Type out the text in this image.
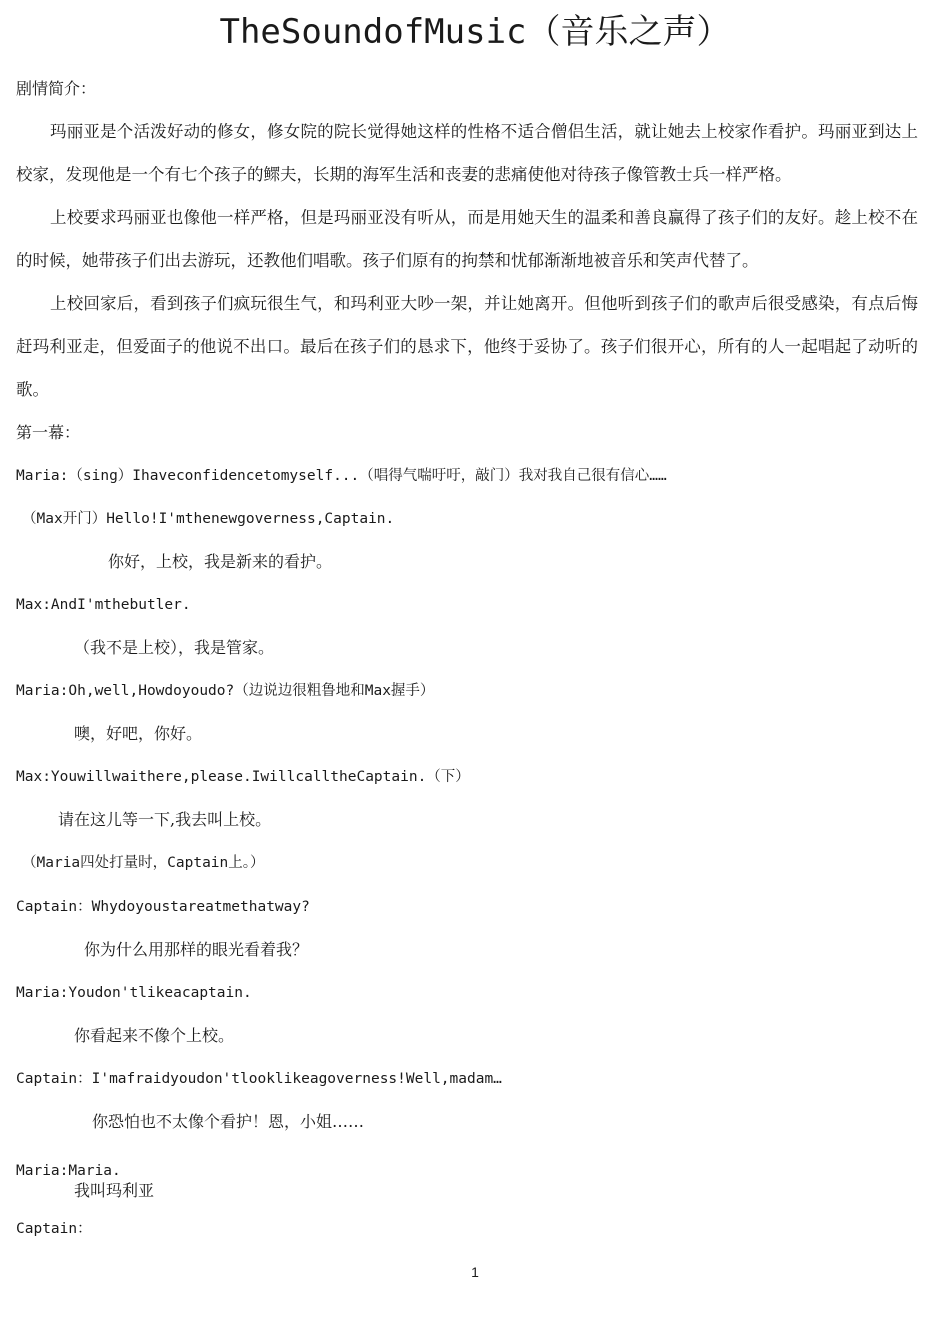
TheSoundofMusic（音乐之声）
剧情简介：
玛丽亚是个活泼好动的修女，修女院的院长觉得她这样的性格不适合僧侣生活，就让她去上校家作看护。玛丽亚到达上校家，发现他是一个有七个孩子的鳏夫，长期的海军生活和丧妻的悲痛使他对待孩子像管教士兵一样严格。
上校要求玛丽亚也像他一样严格，但是玛丽亚没有听从，而是用她天生的温柔和善良赢得了孩子们的友好。趁上校不在的时候，她带孩子们出去游玩，还教他们唱歌。孩子们原有的拘禁和忧郁渐渐地被音乐和笑声代替了。
上校回家后，看到孩子们疯玩很生气，和玛利亚大吵一架，并让她离开。但他听到孩子们的歌声后很受感染，有点后悔赶玛利亚走，但爱面子的他说不出口。最后在孩子们的恳求下，他终于妥协了。孩子们很开心，所有的人一起唱起了动听的歌。
第一幕：
Maria:（sing）Ihaveconfidencetomyself...（唱得气喘吁吁，敲门）我对我自己很有信心……
（Max开门）Hello!I'mthenewgoverness,Captain.
你好，上校，我是新来的看护。
Max:AndI'mthebutler.
（我不是上校），我是管家。
Maria:Oh,well,Howdoyoudo?（边说边很粗鲁地和Max握手）
噢，好吧，你好。
Max:Youwillwaithere,please.IwillcalltheCaptain.（下）
请在这儿等一下,我去叫上校。
（Maria四处打量时，Captain上。）
Captain：Whydoyoustareatmethatway?
你为什么用那样的眼光看着我？
Maria:Youdon'tlikeacaptain.
你看起来不像个上校。
Captain：I'mafraidyoudon'tlooklikeagoverness!Well,madam…
你恐怕也不太像个看护！恩，小姐……
Maria:Maria.
我叫玛利亚
Captain：
1
